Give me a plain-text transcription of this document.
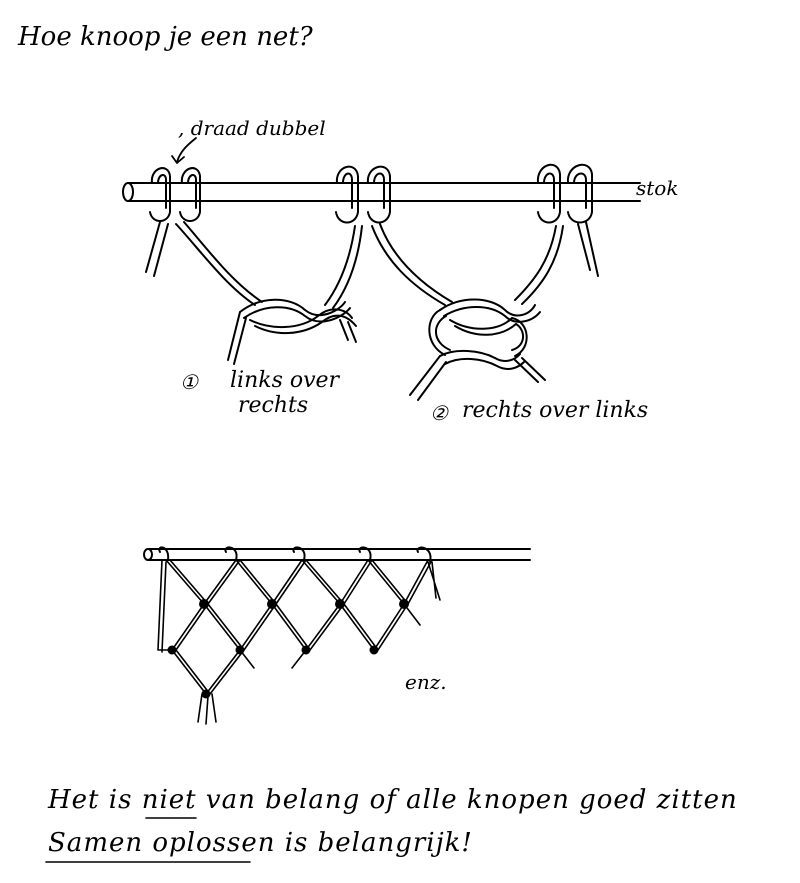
Hoe knoop je een net?
, draad dubbel
stok
① links over
rechts	② rechts over links
enz.
Het is niet van belang of alle knopen goed zitten
Samen oplossen is belangrijk!
